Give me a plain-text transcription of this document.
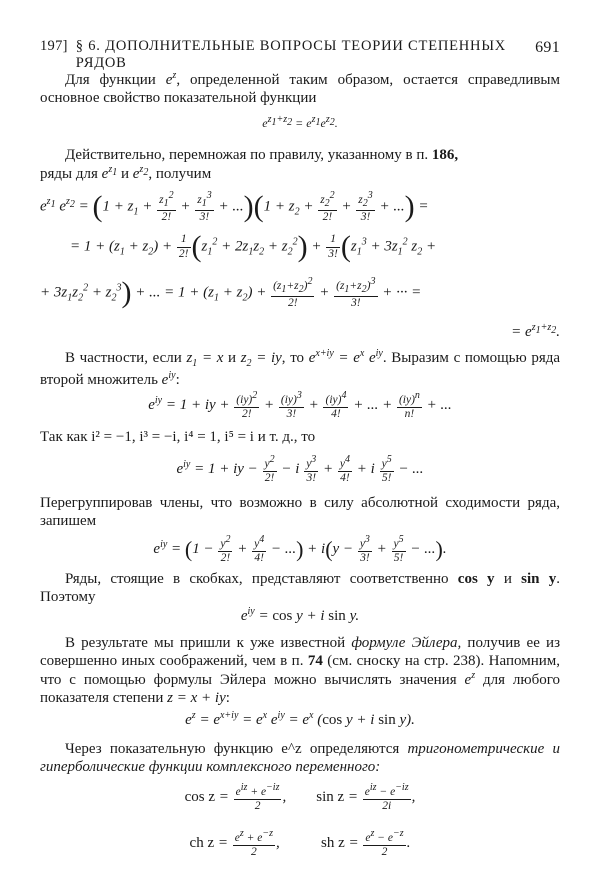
197] § 6. ДОПОЛНИТЕЛЬНЫЕ ВОПРОСЫ ТЕОРИИ СТЕПЕННЫХ РЯДОВ
691

Для функции $e^z$, определенной таким образом, остается справедливым основное свойство показательной функции

$e^{z_1+z_2} = e^{z_1}e^{z_2}$.

Действительно, перемножая по правилу, указанному в п. 186,
ряды для $e^{z_1}$ и $e^{z_2}$, получим

$e^{z_1}$ $e^{z_2} = (1 + z_1 + \frac{z_1^2}{2!} + \frac{z_1^3}{3!} + ...)(1 + z_2 + \frac{z_2^2}{2!} + \frac{z_2^3}{3!}$ + ...) =
= $1 + (z_1 + z_2) + \frac{1}{2!} (z_1^2 + 2z_1z_2 + z_2^2) + \frac{1}{3!} (z_1^3 + 3z_1^2$ $z_2$ +
+ $3z_1z_2^2 + z_2^3$) + ... = $1 + (z_1 + z_2) + \frac{(z_1+z_2)^2}{2!} + \frac{(z_1+z_2)^3}{3!}$ + ··· =
= $e^{z_1+z_2}$.

В частности, если $z_1 = x$ и $z_2$ = iy, то $e^{x+iy} = e^x$ $e^{iy}$. Выразим с помощью ряда второй множитель $e^{iy}$:

$e^{iy} = 1$ + iy + $\frac{(iy)^2}{2!} + \frac{(iy)^3}{3!} + \frac{(iy)^4}{4!}$ + ... + $\frac{(iy)^n}{n!}$ + ...

Так как i² = −1, i³ = −i, i⁴ = 1, i⁵ = i и т. д., то

$e^{iy} = 1$ + iy − $\frac{y^2}{2!} - i \frac{y^3}{3!} + \frac{y^4}{4!} + i \frac{y^5}{5!}$ − ...

Перегруппировав члены, что возможно в силу абсолютной сходимости ряда, запишем

$e^{iy} = (1 - \frac{y^2}{2!} + \frac{y^4}{4!}$ − ...) + $i(y - \frac{y^3}{3!} + \frac{y^5}{5!}$ − ...).

Ряды, стоящие в скобках, представляют соответственно cos y и sin y. Поэтому

$e^{iy} = \cos y + i$ sin y.

В результате мы пришли к уже известной формуле Эйлера, получив ее из совершенно иных соображений, чем в п. 74 (см. сноску на стр. 238). Напомним, что с помощью формулы Эйлера можно вычислять значения $e^z$ для любого показателя степени z = x + iy:

$e^z = e^{x+iy} = e^x$ $e^{iy} = e^x$ (cos y + i sin y).

Через показательную функцию e^z определяются тригонометрические и гиперболические функции комплексного переменного:

$\cos z = \frac{e^{iz} + e^{-iz}}{2}$ , $\sin z = \frac{e^{iz} - e^{-iz}}{2i}$ ,
ch $z = \frac{e^z + e^{-z}}{2}$ ,	sh $z = \frac{e^z - e^{-z}}{2}$ .
